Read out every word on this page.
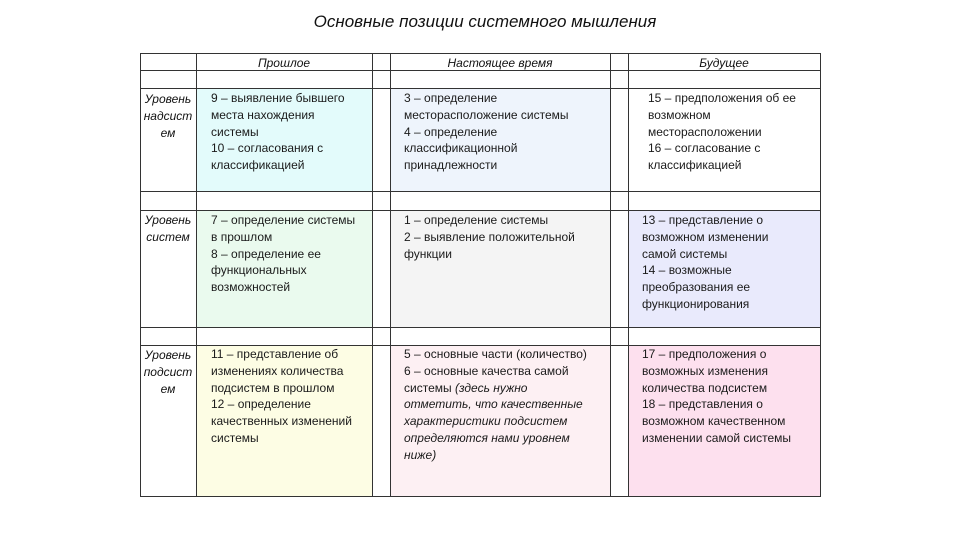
Основные позиции системного мышления
Прошлое	Настоящее время	Будущее
Уровень
надсист
ем
9 – выявление бывшего
места нахождения
системы
10 – согласования с
классификацией
3 – определение
месторасположение системы
4 – определение
классификационной
принадлежности
15 – предположения об ее
возможном
месторасположении
16 – согласование с
классификацией
Уровень
систем
7 – определение системы
в прошлом
8 – определение ее
функциональных
возможностей
1 – определение системы
2 – выявление положительной
функции
13 – представление о
возможном изменении
самой системы
14 – возможные
преобразования ее
функционирования
Уровень
подсист
ем
11 – представление об
изменениях количества
подсистем в прошлом
12 – определение
качественных изменений
системы
5 – основные части (количество)
6 – основные качества самой
системы (здесь нужно
отметить, что качественные
характеристики подсистем
определяются нами уровнем
ниже)
17 – предположения о
возможных изменения
количества подсистем
18 – представления о
возможном качественном
изменении самой системы
